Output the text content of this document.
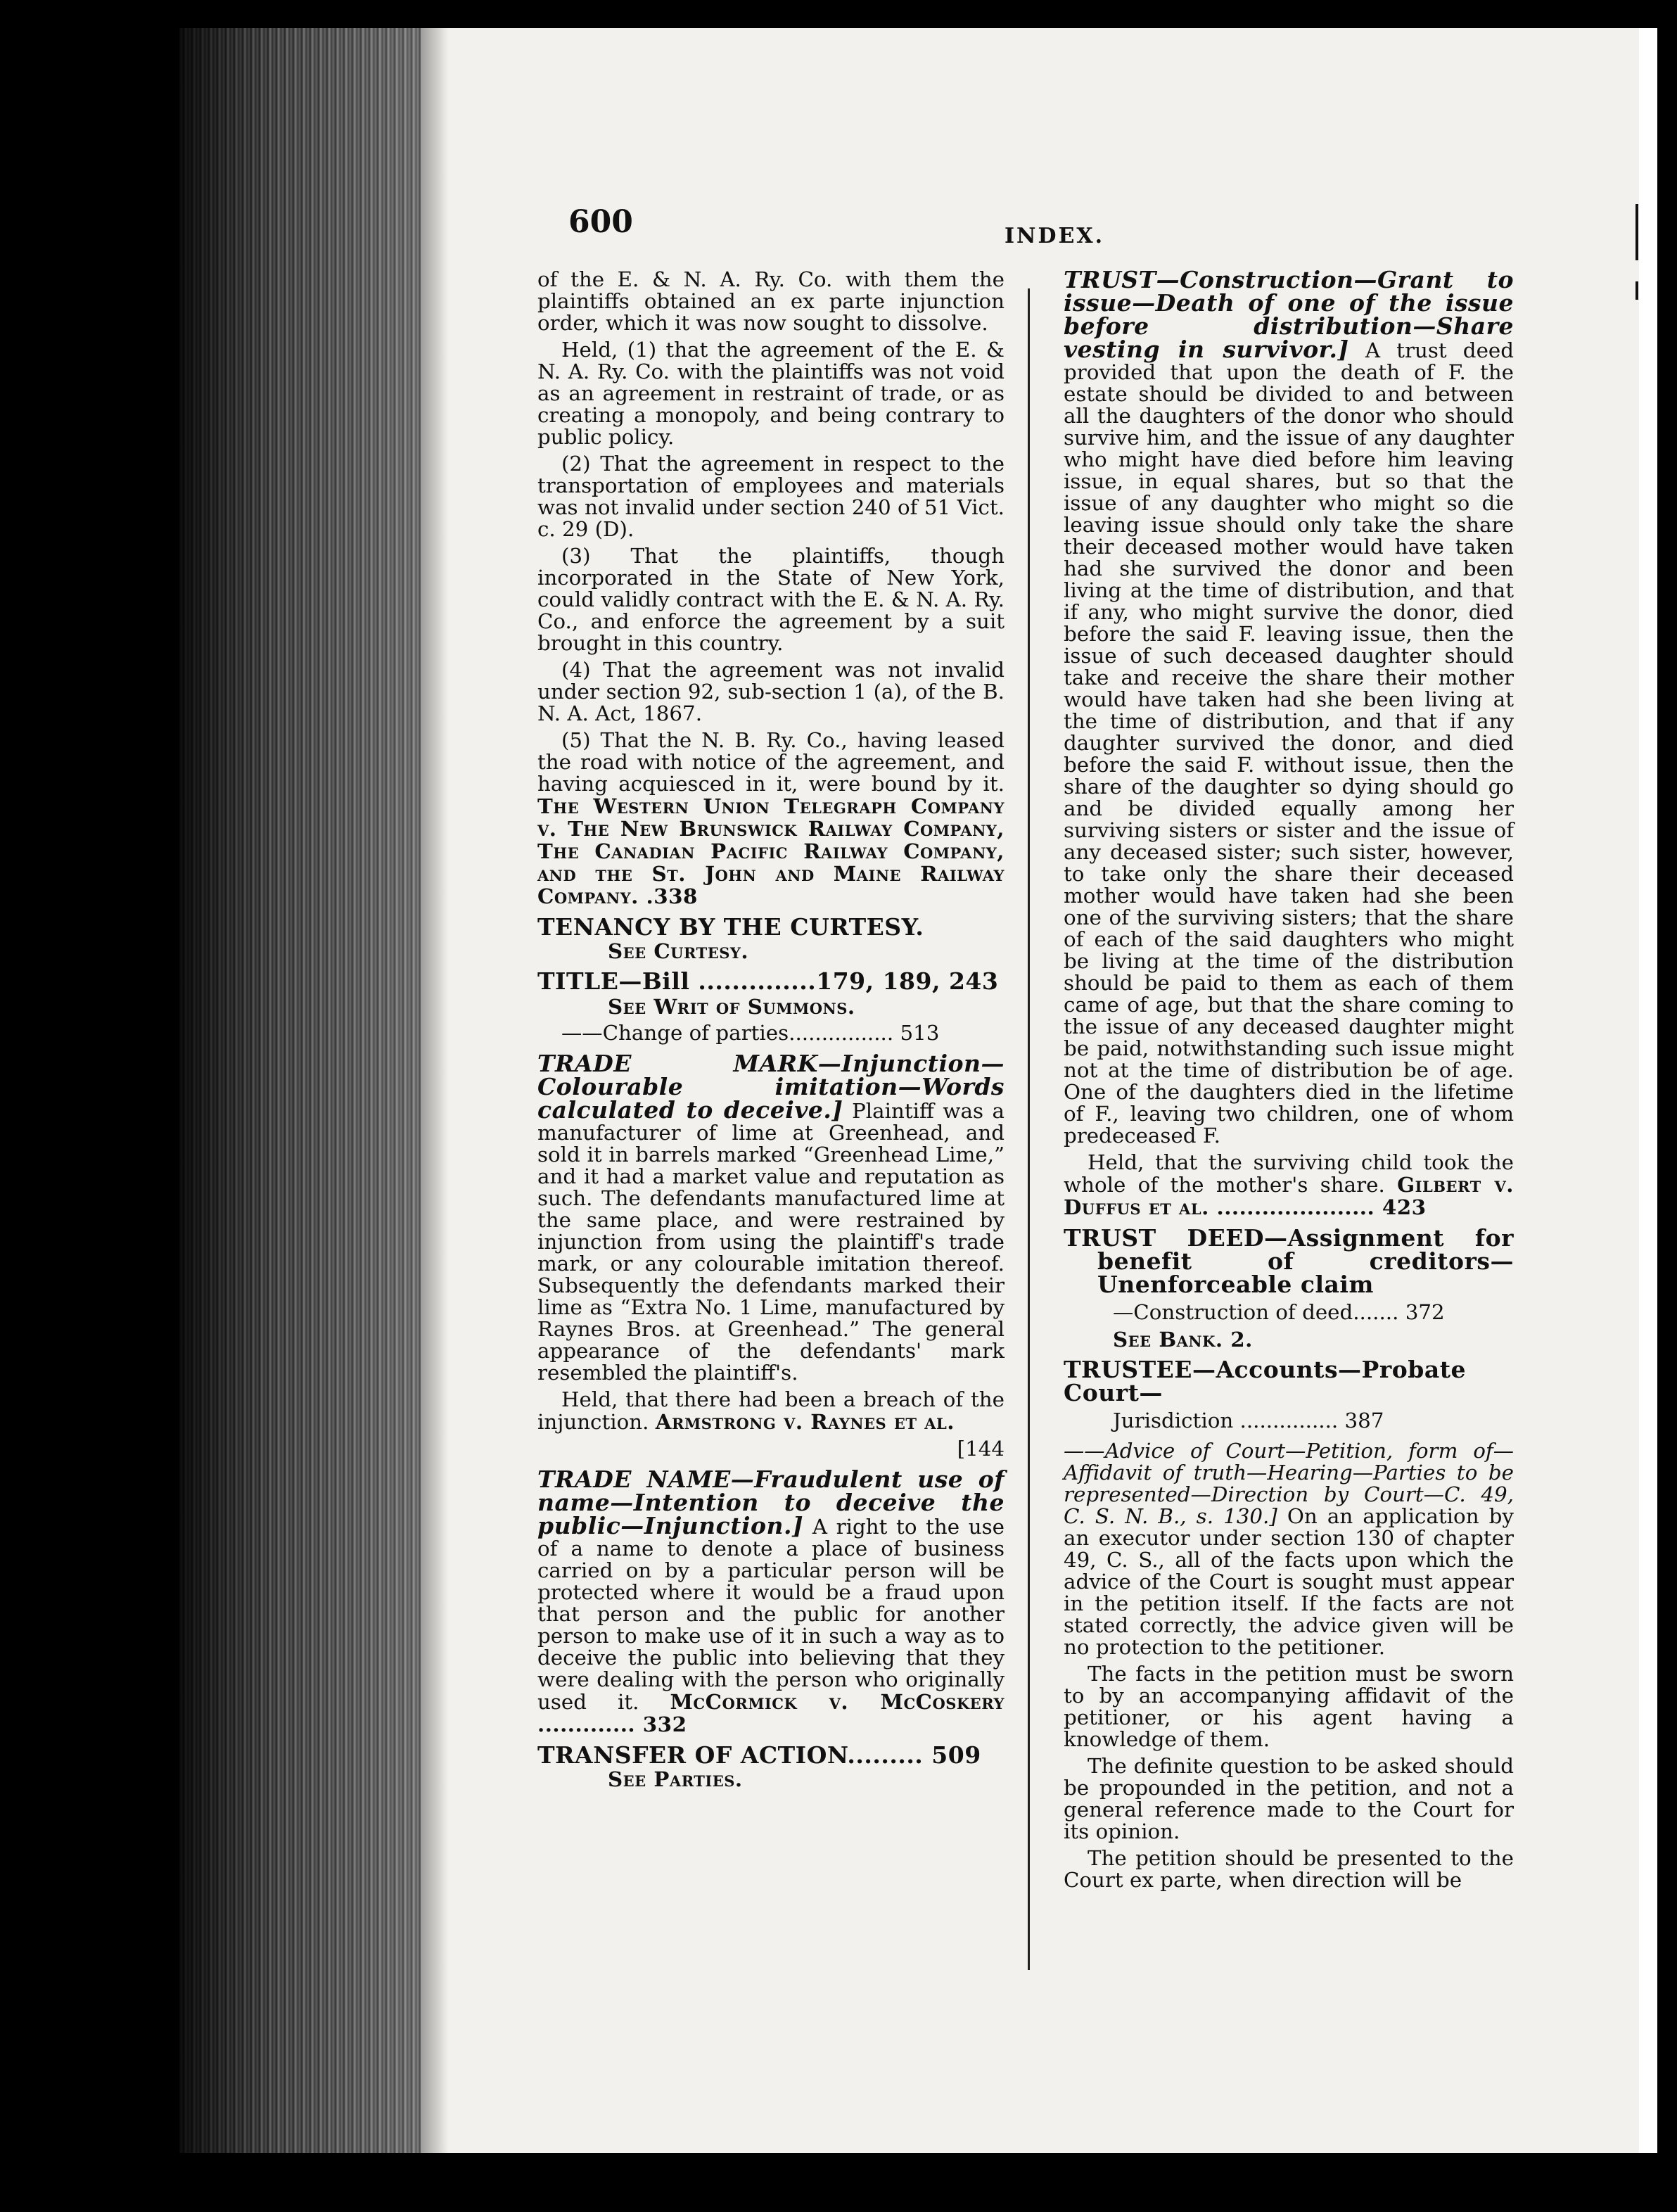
600	INDEX.

of the E. & N. A. Ry. Co. with them the plaintiffs obtained an ex parte injunction order, which it was now sought to dissolve.

Held, (1) that the agreement of the E. & N. A. Ry. Co. with the plaintiffs was not void as an agreement in restraint of trade, or as creating a monopoly, and being contrary to public policy.

(2) That the agreement in respect to the transportation of employees and materials was not invalid under section 240 of 51 Vict. c. 29 (D).

(3) That the plaintiffs, though incorporated in the State of New York, could validly contract with the E. & N. A. Ry. Co., and enforce the agreement by a suit brought in this country.

(4) That the agreement was not invalid under section 92, sub-section 1 (a), of the B. N. A. Act, 1867.

(5) That the N. B. Ry. Co., having leased the road with notice of the agreement, and having acquiesced in it, were bound by it. The Western Union Telegraph Company v. The New Brunswick Railway Company, The Canadian Pacific Railway Company, and the St. John and Maine Railway Company. .338

TENANCY BY THE CURTESY.

See Curtesy.

TITLE—Bill ..............179, 189, 243

See Writ of Summons.

——Change of parties................ 513

TRADE MARK—Injunction—Colourable imitation—Words calculated to deceive.] Plaintiff was a manufacturer of lime at Greenhead, and sold it in barrels marked “Greenhead Lime,” and it had a market value and reputation as such. The defendants manufactured lime at the same place, and were restrained by injunction from using the plaintiff's trade mark, or any colourable imitation thereof. Subsequently the defendants marked their lime as “Extra No. 1 Lime, manufactured by Raynes Bros. at Greenhead.” The general appearance of the defendants' mark resembled the plaintiff's.

Held, that there had been a breach of the injunction. Armstrong v. Raynes et al.

[144

TRADE NAME—Fraudulent use of name—Intention to deceive the public—Injunction.] A right to the use of a name to denote a place of business carried on by a particular person will be protected where it would be a fraud upon that person and the public for another person to make use of it in such a way as to deceive the public into believing that they were dealing with the person who originally used it. McCormick v. McCoskery ............. 332

TRANSFER OF ACTION......... 509

See Parties.

TRUST—Construction—Grant to issue—Death of one of the issue before distribution—Share vesting in survivor.] A trust deed provided that upon the death of F. the estate should be divided to and between all the daughters of the donor who should survive him, and the issue of any daughter who might have died before him leaving issue, in equal shares, but so that the issue of any daughter who might so die leaving issue should only take the share their deceased mother would have taken had she survived the donor and been living at the time of distribution, and that if any, who might survive the donor, died before the said F. leaving issue, then the issue of such deceased daughter should take and receive the share their mother would have taken had she been living at the time of distribution, and that if any daughter survived the donor, and died before the said F. without issue, then the share of the daughter so dying should go and be divided equally among her surviving sisters or sister and the issue of any deceased sister; such sister, however, to take only the share their deceased mother would have taken had she been one of the surviving sisters; that the share of each of the said daughters who might be living at the time of the distribution should be paid to them as each of them came of age, but that the share coming to the issue of any deceased daughter might be paid, notwithstanding such issue might not at the time of distribution be of age. One of the daughters died in the lifetime of F., leaving two children, one of whom predeceased F.

Held, that the surviving child took the whole of the mother's share. Gilbert v. Duffus et al. ..................... 423

TRUST DEED—Assignment for benefit of creditors—Unenforceable claim

—Construction of deed....... 372

See Bank. 2.

TRUSTEE—Accounts—Probate Court—

Jurisdiction ............... 387

——Advice of Court—Petition, form of—Affidavit of truth—Hearing—Parties to be represented—Direction by Court—C. 49, C. S. N. B., s. 130.] On an application by an executor under section 130 of chapter 49, C. S., all of the facts upon which the advice of the Court is sought must appear in the petition itself. If the facts are not stated correctly, the advice given will be no protection to the petitioner.

The facts in the petition must be sworn to by an accompanying affidavit of the petitioner, or his agent having a knowledge of them.

The definite question to be asked should be propounded in the petition, and not a general reference made to the Court for its opinion.

The petition should be presented to the Court ex parte, when direction will be
